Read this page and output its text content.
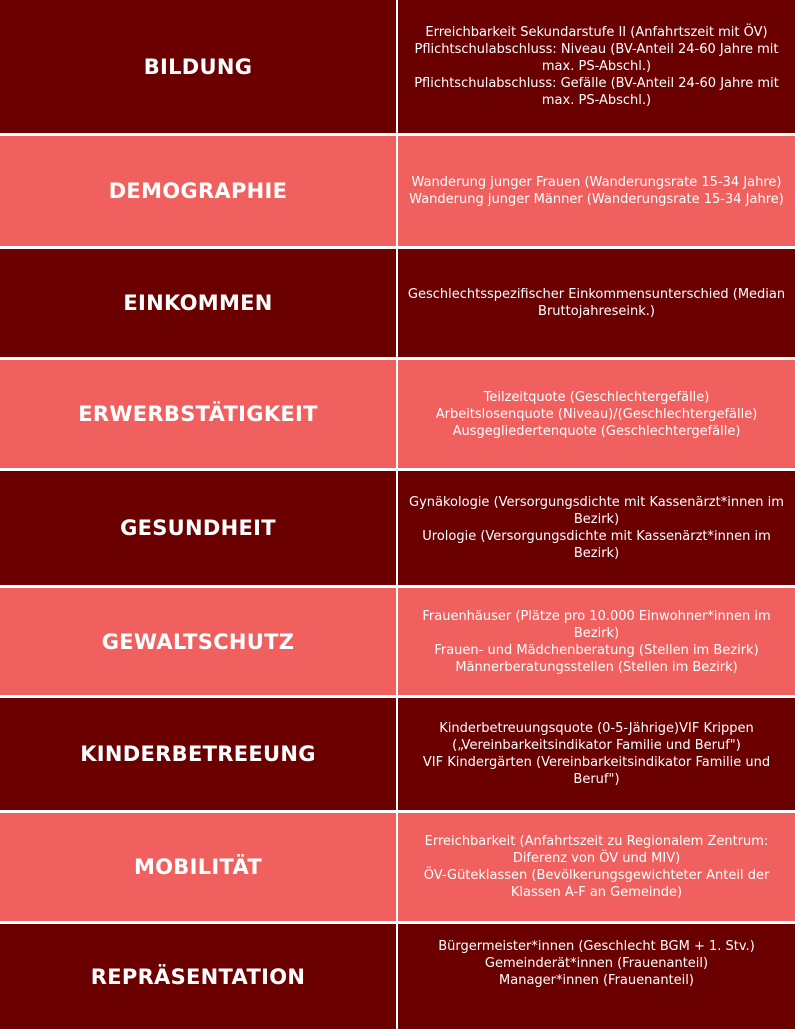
BILDUNG
Erreichbarkeit Sekundarstufe II (Anfahrtszeit mit ÖV)
Pflichtschulabschluss: Niveau (BV-Anteil 24-60 Jahre mit max. PS-Abschl.)
Pflichtschulabschluss: Gefälle (BV-Anteil 24-60 Jahre mit max. PS-Abschl.)
DEMOGRAPHIE	Wanderung junger Frauen (Wanderungsrate 15-34 Jahre)
Wanderung junger Männer (Wanderungsrate 15-34 Jahre)
EINKOMMEN	Geschlechtsspezifischer Einkommensunterschied (Median Bruttojahreseink.)
ERWERBSTÄTIGKEIT
Teilzeitquote (Geschlechtergefälle)
Arbeitslosenquote (Niveau)/(Geschlechtergefälle)
Ausgegliedertenquote (Geschlechtergefälle)
GESUNDHEIT
Gynäkologie (Versorgungsdichte mit Kassenärzt*innen im Bezirk)
Urologie (Versorgungsdichte mit Kassenärzt*innen im Bezirk)
GEWALTSCHUTZ
Frauenhäuser (Plätze pro 10.000 Einwohner*innen im Bezirk)
Frauen- und Mädchenberatung (Stellen im Bezirk)
Männerberatungsstellen (Stellen im Bezirk)
KINDERBETREEUNG
Kinderbetreuungsquote (0-5-Jährige)VIF Krippen („Vereinbarkeitsindikator Familie und Beruf")
VIF Kindergärten (Vereinbarkeitsindikator Familie und Beruf")
MOBILITÄT
Erreichbarkeit (Anfahrtszeit zu Regionalem Zentrum: Diferenz von ÖV und MIV)
ÖV-Güteklassen (Bevölkerungsgewichteter Anteil der Klassen A-F an Gemeinde)
REPRÄSENTATION
Bürgermeister*innen (Geschlecht BGM + 1. Stv.)
Gemeinderät*innen (Frauenanteil)
Manager*innen (Frauenanteil)
